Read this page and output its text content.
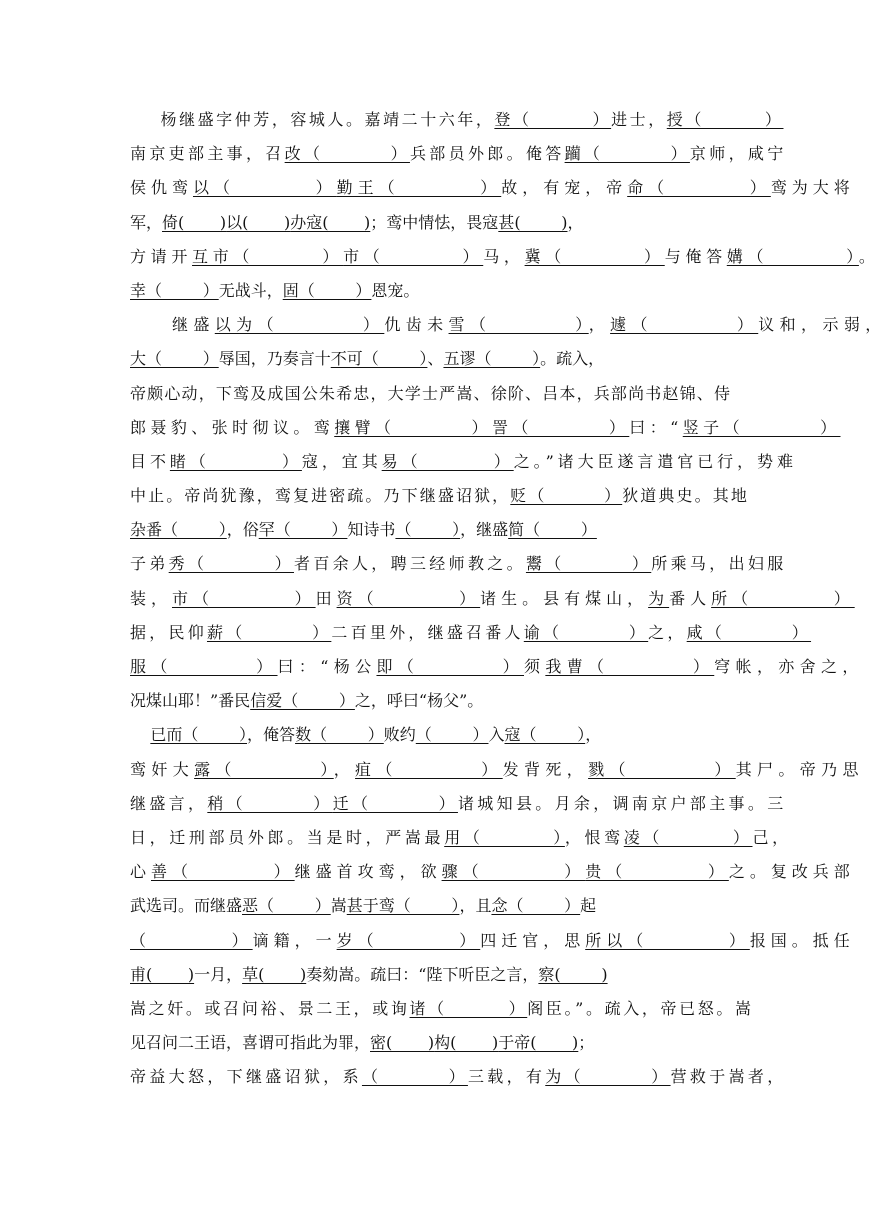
杨继盛字仲芳，容城人。嘉靖二十六年，登（        ）进士，授（        ）
南京吏部主事，召改（        ）兵部员外郎。俺答躏（        ）京师，咸宁
侯仇鸾以（        ）勤王（        ）故，有宠，帝命（        ）鸾为大将
军，倚(       )以(       )办寇(       )；鸾中情怯，畏寇甚(        )，
方请开互市（       ）市（        ）马，冀（        ）与俺答媾（        ）。
幸（        ）无战斗，固（        ）恩宠。
继盛以为（        ）仇齿未雪（        ），遽（        ）议和，示弱，
大（        ）辱国，乃奏言十不可（        ）、五谬（        ）。疏入，
帝颇心动，下鸾及成国公朱希忠，大学士严嵩、徐阶、吕本，兵部尚书赵锦、侍
郎聂豹、张时彻议。鸾攘臂（        ）詈（        ）曰：“竖子（        ）
目不睹（        ）寇，宜其易（        ）之。”诸大臣遂言遣官已行，势难
中止。帝尚犹豫，鸾复进密疏。乃下继盛诏狱，贬（        ）狄道典史。其地
杂番（        ），俗罕（        ）知诗书（        ），继盛简（        ）
子弟秀（        ）者百余人，聘三经师教之。鬻（        ）所乘马，出妇服
装，市（        ）田资（        ）诸生。县有煤山，为番人所（        ）
据，民仰薪（        ）二百里外，继盛召番人谕（        ）之，咸（        ）
服（        ）曰：“杨公即（        ）须我曹（        ）穹帐，亦舍之，
况煤山耶！”番民信爱（        ）之，呼曰“杨父”。
已而（        ），俺答数（        ）败约（        ）入寇（        ），
鸾奸大露（        ），疽（        ）发背死，戮（        ）其尸。帝乃思
继盛言，稍（        ）迁（        ）诸城知县。月余，调南京户部主事。三
日，迁刑部员外郎。当是时，严嵩最用（        ），恨鸾凌（        ）己，
心善（        ）继盛首攻鸾，欲骤（        ）贵（        ）之。复改兵部
武选司。而继盛恶（        ）嵩甚于鸾（        ），且念（        ）起
（        ）谪籍，一岁（        ）四迁官，思所以（        ）报国。抵任
甫(       )一月，草(       )奏劾嵩。疏曰：“陛下听臣之言，察(        )
嵩之奸。或召问裕、景二王，或询诸（        ）阁臣。”。疏入，帝已怒。嵩
见召问二王语，喜谓可指此为罪，密(       )构(       )于帝(       )；
帝益大怒，下继盛诏狱，系（        ）三载，有为（        ）营救于嵩者，
